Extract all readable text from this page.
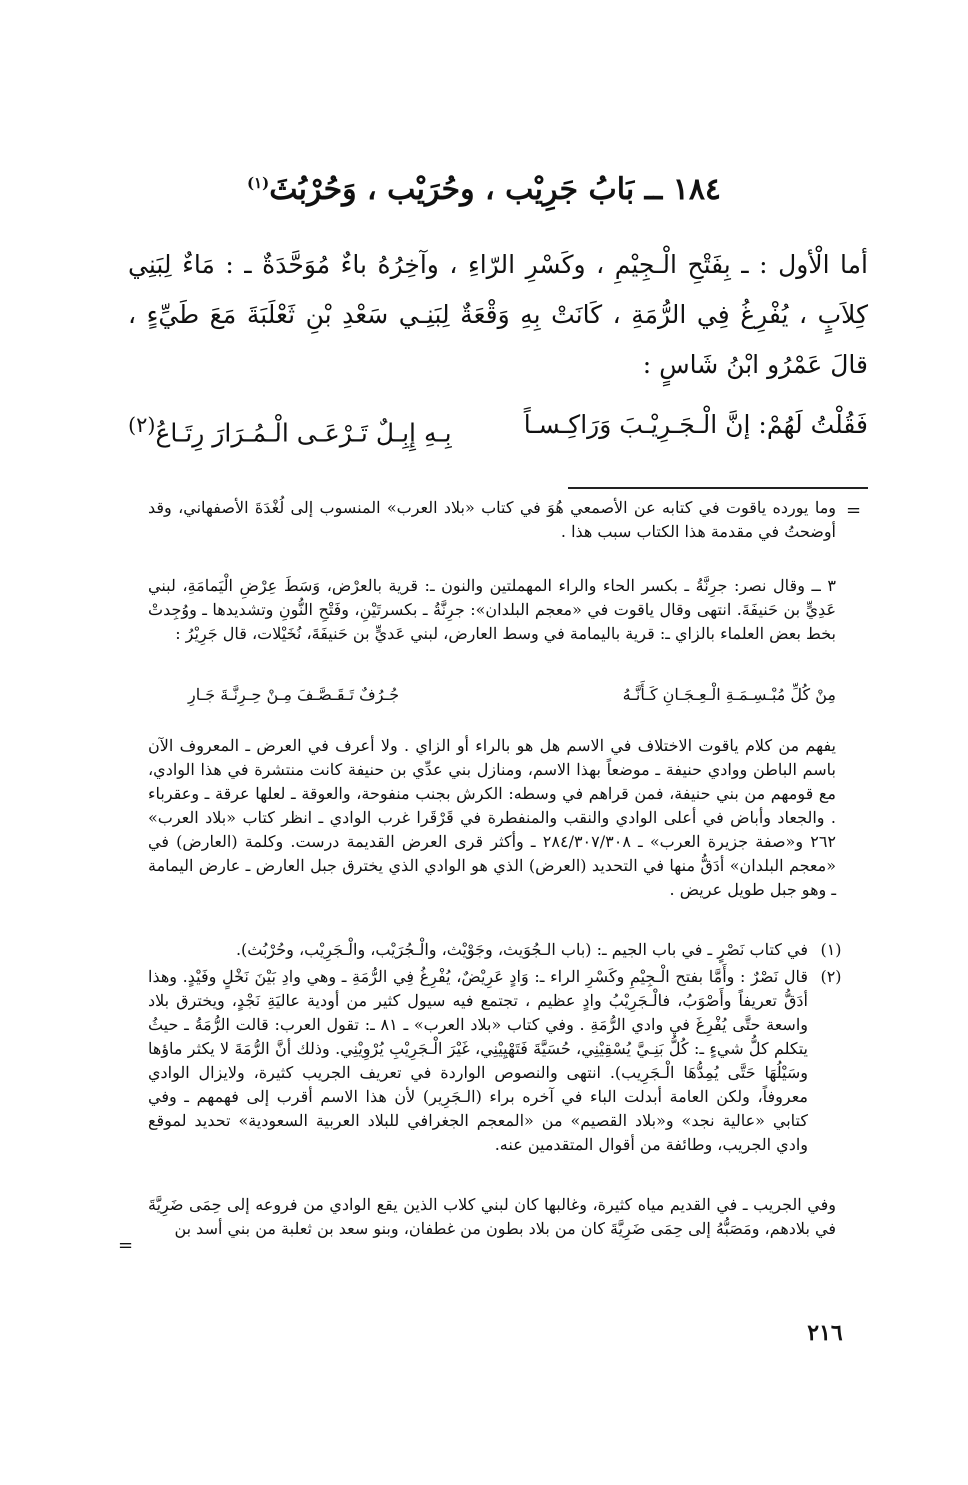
١٨٤ ــ بَابُ جَرِيْب ، وحُرَيْب ، وَحُرْبُثَ$^{(١)}$

أما الْأول : ـ بِفَتْحِ الْـجِيْمِ ، وكَسْرِ الرّاءِ ، وآخِرُهُ باءٌ مُوَحَّدَةٌ ـ : مَاءٌ لِبَنِي كِلاَبٍ ، يُفْرِغُ فِي الرُّمَةِ ، كَانَتْ بِهِ وَقْعَةٌ لِبَنِـي سَعْدِ بْنِ ثَعْلَبَةَ مَعَ طَيِّءٍ ، قالَ عَمْرُو ابْنُ شَاسٍ :

فَقُلْتُ لَهُمْ: إنَّ الْـجَـرِيْـبَ وَرَاكِـسـاً
بِـهِ إِبِـلٌ تَـرْعَـى الْـمُـرَارَ رِتَـاعُ$^{(٢)}$
=

وما يورده ياقوت في كتابه عن الأصمعي هُوَ في كتاب «بلاد العرب» المنسوب إلى لُغْدَةَ الأصفهاني، وقد أوضحتُ في مقدمة هذا الكتاب سبب هذا .

٣ ــ وقال نصر: جرِنَّةُ ـ بكسر الحاء والراء المهملتين والنون ـ: قرية بالعرْض، وَسَطَ عِرْضِ الْيَمامَةِ، لبني عَدِيٍّ بن حَنيفَةَ. انتهى وقال ياقوت في «معجم البلدان»: جرِنَّةُ ـ بكسرتَيْنِ، وفَتْحِ النُّونِ وتشديدها ـ ووُجِدتْ بخط بعض العلماء بالزاي ـ: قرية باليمامة في وسط العارض، لبني عَديٍّ بن حَنيفَةَ، نُخَيْلات، قال جَرِيْرُ :

مِنْ كُلِّ مُبْـسِـمَـةِ الْـعِـجَـانِ كَـأَنَّـهُ
جُـرُفٌ تَـقَـصَّـفَ مِـنْ حِـرِنَّـةَ جَـارِ

يفهم من كلام ياقوت الاختلاف في الاسم هل هو بالراء أو الزاي . ولا أعرف في العرض ـ المعروف الآن باسم الباطن ووادي حنيفة ـ موضعاً بهذا الاسم، ومنازل بني عدِّي بن حنيفة كانت منتشرة في هذا الوادي، مع قومهم من بني حنيفة، فمن قراهم في وسطه: الكرش بجنب منفوحة، والعوقة ـ لعلها عرقة ـ وعقرباء . والجعاد وأباض في أعلى الوادي والنقب والمنفطرة في قَرْقَرا غرب الوادي ـ انظر كتاب «بلاد العرب» ٢٦٢ و«صفة جزيرة العرب» ـ ٢٨٤/٣٠٧/٣٠٨ ـ وأكثر قرى العرض القديمة درست. وكلمة (العارض) في «معجم البلدان» أدَقُّ منها في التحديد (العرض) الذي هو الوادي الذي يخترق جبل العارض ـ عارض اليمامة ـ وهو جبل طويل عريض .

(١)

في كتاب نَصْرٍ ـ في باب الجيم ـ: (باب الـجُوَيث، وجَوْيْث، والْـجُرَيْب، والْـجَرِيْب، وحُرْبُث).

(٢)

قال نَصْرٌ : وأَمَّا بفتح الْـجِيْمِ وكَسْرِ الراء ـ: وَادٍ عَرِيْضٌ، يُفْرِغُ فِي الرُّمَةِ ـ وهي وادِ بَيْنَ نَخْلٍ وفَيْدٍ. وهذا أدَقُّ تعريفاً وأَصْوَبُ، فالْـجَرِيْبُ وادٍ عظيم ، تجتمع فيه سيول كثير من أودية عاليَةِ نَجْدٍ، ويخترق بلاد واسعة حتَّى يُفْرِغَ في وادي الرُّمَةِ . وفي كتاب «بلاد العرب» ـ ٨١ ـ: تقول العرب: قالت الرُّمَةُ ـ حيثُ يتكلم كلُّ شيءٍ ـ: كُلُّ بَنِـيَّ يُسْقِيْنِي، حُسَيَّةَ فَتَهْيِيْنِي، غَيْرَ الْـجَرِيْبِ يُرْوِيْنِي. وذلك أنَّ الرُّمَةَ لا يكثر ماؤها وسَيْلُهَا حَتَّى يُمِدُّهَا الْـجَرِيب). انتهى والنصوص الواردة في تعريف الجريب كثيرة، ولايزال الوادي معروفاً، ولكن العامة أبدلت الباء في آخره براء (الـجَرِير) لأن هذا الاسم أقرب إلى فهمهم ـ وفي كتابي «عالية نجد» و«بلاد القصيم» من «المعجم الجغرافي للبلاد العربية السعودية» تحديد لموقع وادي الجريب، وطائفة من أقوال المتقدمين عنه.

وفي الجريب ـ في القديم مياه كثيرة، وغالبها كان لبني كلاب الذين يقع الوادي من فروعه إلى حِمَى ضَرِيَّةَ في بلادهم، ومَصَبُّهُ إلى حِمَى ضَرِيَّةَ كان من بلاد بطون من غطفان، وبنو سعد بن ثعلبة من بني أسد بن

=
٢١٦
